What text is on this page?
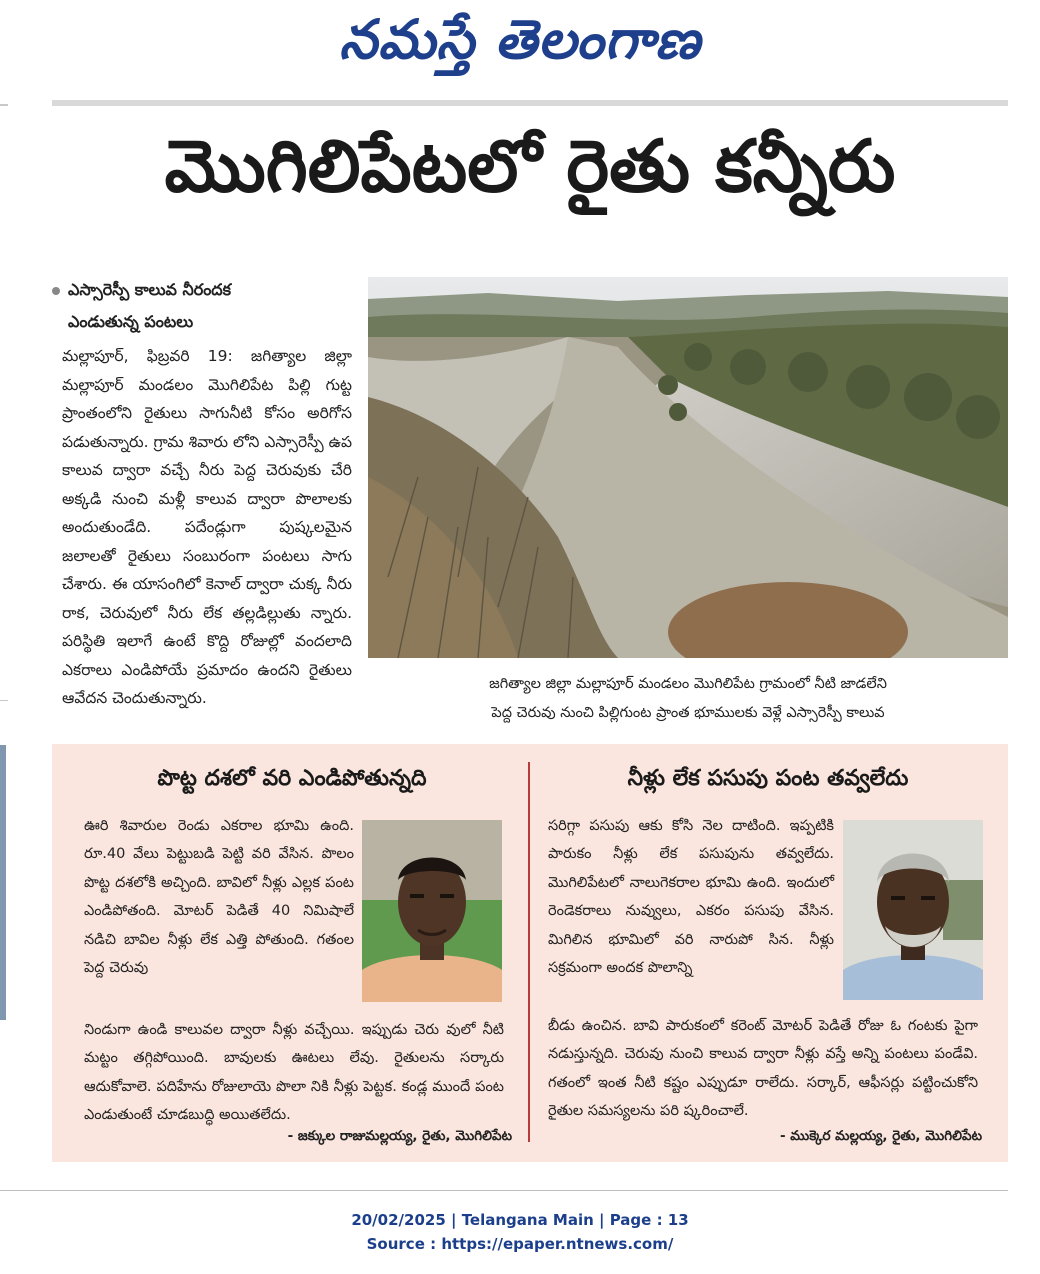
నమస్తే తెలంగాణ
మొగిలిపేటలో రైతు కన్నీరు
ఎస్సారెస్పీ కాలువ నీరందక
ఎండుతున్న పంటలు
మల్లాపూర్, ఫిబ్రవరి 19: జగిత్యాల జిల్లా మల్లాపూర్ మండలం మొగిలిపేట పిల్లి గుట్ట ప్రాంతంలోని రైతులు సాగునీటి కోసం అరిగోస పడుతున్నారు. గ్రామ శివారు లోని ఎస్సారెస్పీ ఉప కాలువ ద్వారా వచ్చే నీరు పెద్ద చెరువుకు చేరి అక్కడి నుంచి మళ్లీ కాలువ ద్వారా పొలాలకు అందుతుండేది. పదేండ్లుగా పుష్కలమైన జలాలతో రైతులు సంబురంగా పంటలు సాగు చేశారు. ఈ యాసంగిలో కెనాల్ ద్వారా చుక్క నీరు రాక, చెరువులో నీరు లేక తల్లడిల్లుతు న్నారు. పరిస్థితి ఇలాగే ఉంటే కొద్ది రోజుల్లో వందలాది ఎకరాలు ఎండిపోయే ప్రమాదం ఉందని రైతులు ఆవేదన చెందుతున్నారు.
జగిత్యాల జిల్లా మల్లాపూర్ మండలం మొగిలిపేట గ్రామంలో నీటి జాడలేని
పెద్ద చెరువు నుంచి పిల్లిగుంట ప్రాంత భూములకు వెళ్లే ఎస్సారెస్పీ కాలువ
పొట్ట దశలో వరి ఎండిపోతున్నది	నీళ్లు లేక పసుపు పంట తవ్వలేదు
ఊరి శివారుల రెండు ఎకరాల భూమి ఉంది. రూ.40 వేలు పెట్టుబడి పెట్టి వరి వేసిన. పొలం పొట్ట దశలోకి అచ్చింది. బావిలో నీళ్లు ఎల్లక పంట ఎండిపోతంది. మోటర్ పెడితే 40 నిమిషాలే నడిచి బావిల నీళ్లు లేక ఎత్తి పోతుంది. గతంల పెద్ద చెరువు
నిండుగా ఉండి కాలువల ద్వారా నీళ్లు వచ్చేయి. ఇప్పుడు చెరు వులో నీటి మట్టం తగ్గిపోయింది. బావులకు ఊటలు లేవు. రైతులను సర్కారు ఆదుకోవాలె. పదిహేను రోజులాయె పొలా నికి నీళ్లు పెట్టక. కండ్ల ముందే పంట ఎండుతుంటే చూడబుద్ధి అయితలేదు.
- జక్కుల రాజుమల్లయ్య, రైతు, మొగిలిపేట
సరిగ్గా పసుపు ఆకు కోసి నెల దాటింది. ఇప్పటికి పారుకం నీళ్లు లేక పసుపును తవ్వలేదు. మొగిలిపేటలో నాలుగెకరాల భూమి ఉంది. ఇందులో రెండెకరాలు నువ్వులు, ఎకరం పసుపు వేసిన. మిగిలిన భూమిలో వరి నారుపో సిన. నీళ్లు సక్రమంగా అందక పొలాన్ని
బీడు ఉంచిన. బావి పారుకంలో కరెంట్ మోటర్ పెడితే రోజు ఓ గంటకు పైగా నడుస్తున్నది. చెరువు నుంచి కాలువ ద్వారా నీళ్లు వస్తే అన్ని పంటలు పండేవి. గతంలో ఇంత నీటి కష్టం ఎప్పుడూ రాలేదు. సర్కార్, ఆఫీసర్లు పట్టించుకోని రైతుల సమస్యలను పరి ష్కరించాలే.
- ముక్కెర మల్లయ్య, రైతు, మొగిలిపేట
20/02/2025 | Telangana Main | Page : 13
Source : https://epaper.ntnews.com/
